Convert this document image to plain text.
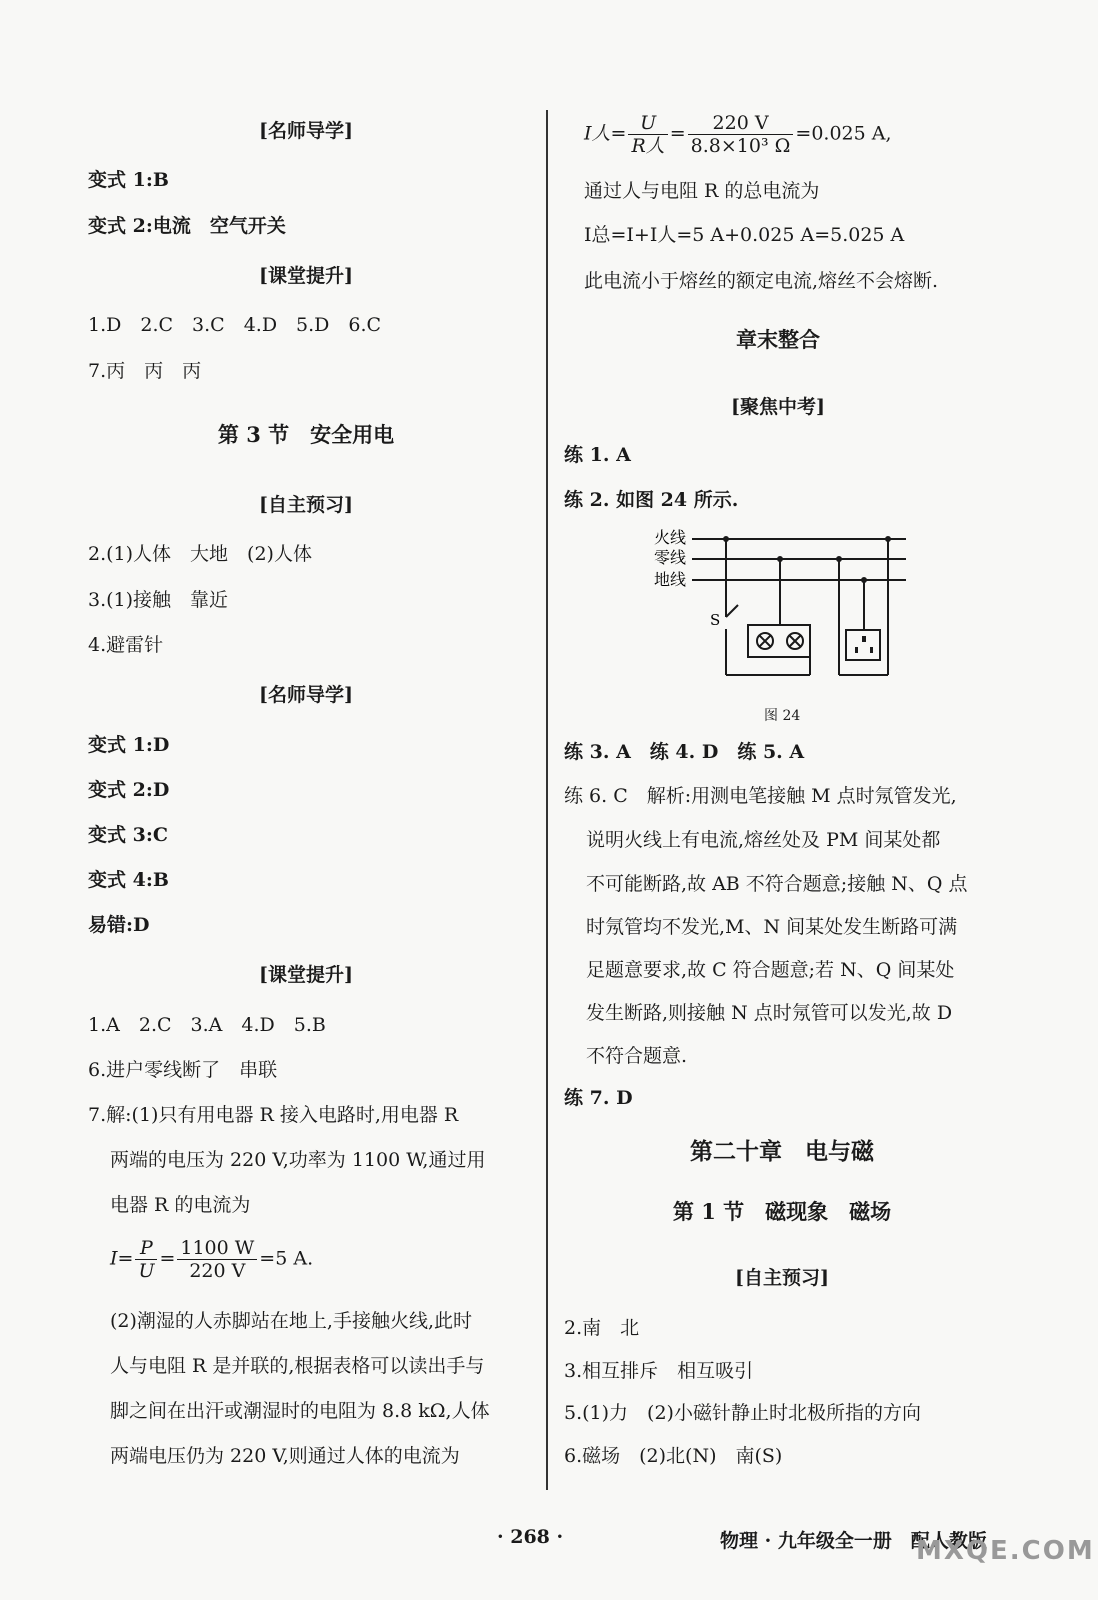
[名师导学]
变式 1:B
变式 2:电流　空气开关
[课堂提升]
1.D　2.C　3.C　4.D　5.D　6.C
7.丙　丙　丙
第 3 节　安全用电
[自主预习]
2.(1)人体　大地　(2)人体
3.(1)接触　靠近
4.避雷针
[名师导学]
变式 1:D
变式 2:D
变式 3:C
变式 4:B
易错:D
[课堂提升]
1.A　2.C　3.A　4.D　5.B
6.进户零线断了　串联
7.解:(1)只有用电器 R 接入电路时,用电器 R
两端的电压为 220 V,功率为 1100 W,通过用
电器 R 的电流为
$I= \frac{P}{U} = \frac{1100 W}{220 V} =5$ A.
(2)潮湿的人赤脚站在地上,手接触火线,此时
人与电阻 R 是并联的,根据表格可以读出手与
脚之间在出汗或潮湿时的电阻为 8.8 kΩ,人体
两端电压仍为 220 V,则通过人体的电流为
I人= $\frac{U}{\text{R人}} = \frac{220 V}{\text{8.8×10³ Ω}} =0.025$ A,
通过人与电阻 R 的总电流为
I总=I+I人=5 A+0.025 A=5.025 A
此电流小于熔丝的额定电流,熔丝不会熔断.
章末整合
[聚焦中考]
练 1. A
练 2. 如图 24 所示.
火线
零线
地线
S
图 24
练 3. A　练 4. D　练 5. A
练 6. C　解析:用测电笔接触 M 点时氖管发光,
说明火线上有电流,熔丝处及 PM 间某处都
不可能断路,故 AB 不符合题意;接触 N、Q 点
时氖管均不发光,M、N 间某处发生断路可满
足题意要求,故 C 符合题意;若 N、Q 间某处
发生断路,则接触 N 点时氖管可以发光,故 D
不符合题意.
练 7. D
第二十章　电与磁
第 1 节　磁现象　磁场
[自主预习]
2.南　北
3.相互排斥　相互吸引
5.(1)力　(2)小磁针静止时北极所指的方向
6.磁场　(2)北(N)　南(S)
· 268 ·	物理 · 九年级全一册　配人教版
MXQE.COM
